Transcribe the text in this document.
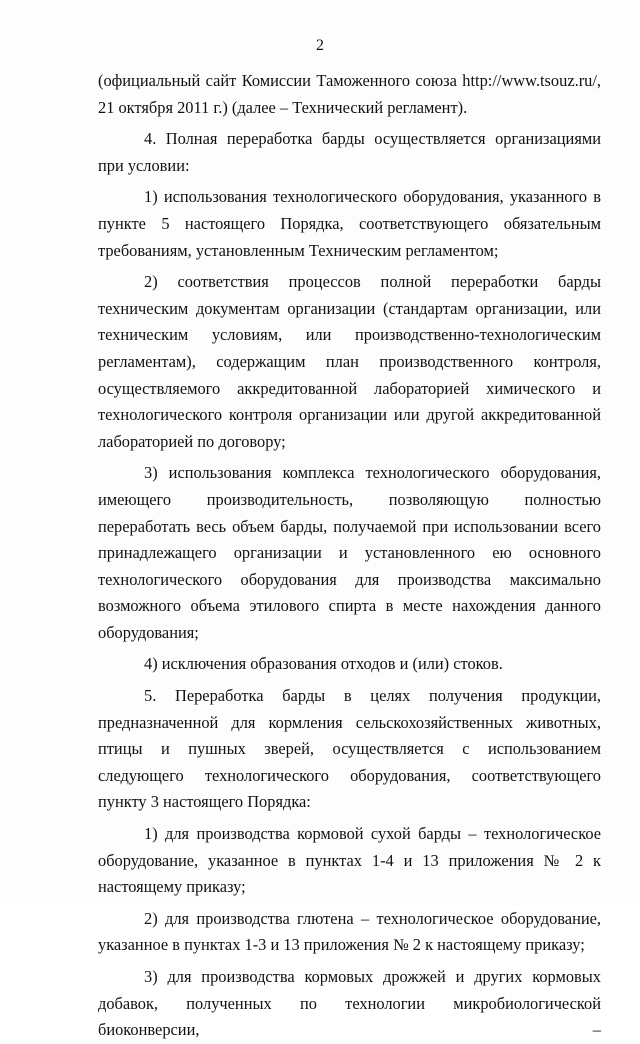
2

(официальный сайт Комиссии Таможенного союза http://www.tsouz.ru/, 21 октября 2011 г.) (далее – Технический регламент).

4. Полная переработка барды осуществляется организациями при условии:

1) использования технологического оборудования, указанного в пункте 5 настоящего Порядка, соответствующего обязательным требованиям, установленным Техническим регламентом;

2) соответствия процессов полной переработки барды техническим документам организации (стандартам организации, или техническим условиям, или производственно-технологическим регламентам), содержащим план производственного контроля, осуществляемого аккредитованной лабораторией химического и технологического контроля организации или другой аккредитованной лабораторией по договору;

3) использования комплекса технологического оборудования, имеющего производительность, позволяющую полностью переработать весь объем барды, получаемой при использовании всего принадлежащего организации и установленного ею основного технологического оборудования для производства максимально возможного объема этилового спирта в месте нахождения данного оборудования;

4) исключения образования отходов и (или) стоков.

5. Переработка барды в целях получения продукции, предназначенной для кормления сельскохозяйственных животных, птицы и пушных зверей, осуществляется с использованием следующего технологического оборудования, соответствующего пункту 3 настоящего Порядка:

1) для производства кормовой сухой барды – технологическое оборудование, указанное в пунктах 1-4 и 13 приложения № 2 к настоящему приказу;

2) для производства глютена – технологическое оборудование, указанное в пунктах 1-3 и 13 приложения № 2 к настоящему приказу;

3) для производства кормовых дрожжей и других кормовых добавок, полученных по технологии микробиологической биоконверсии, –
